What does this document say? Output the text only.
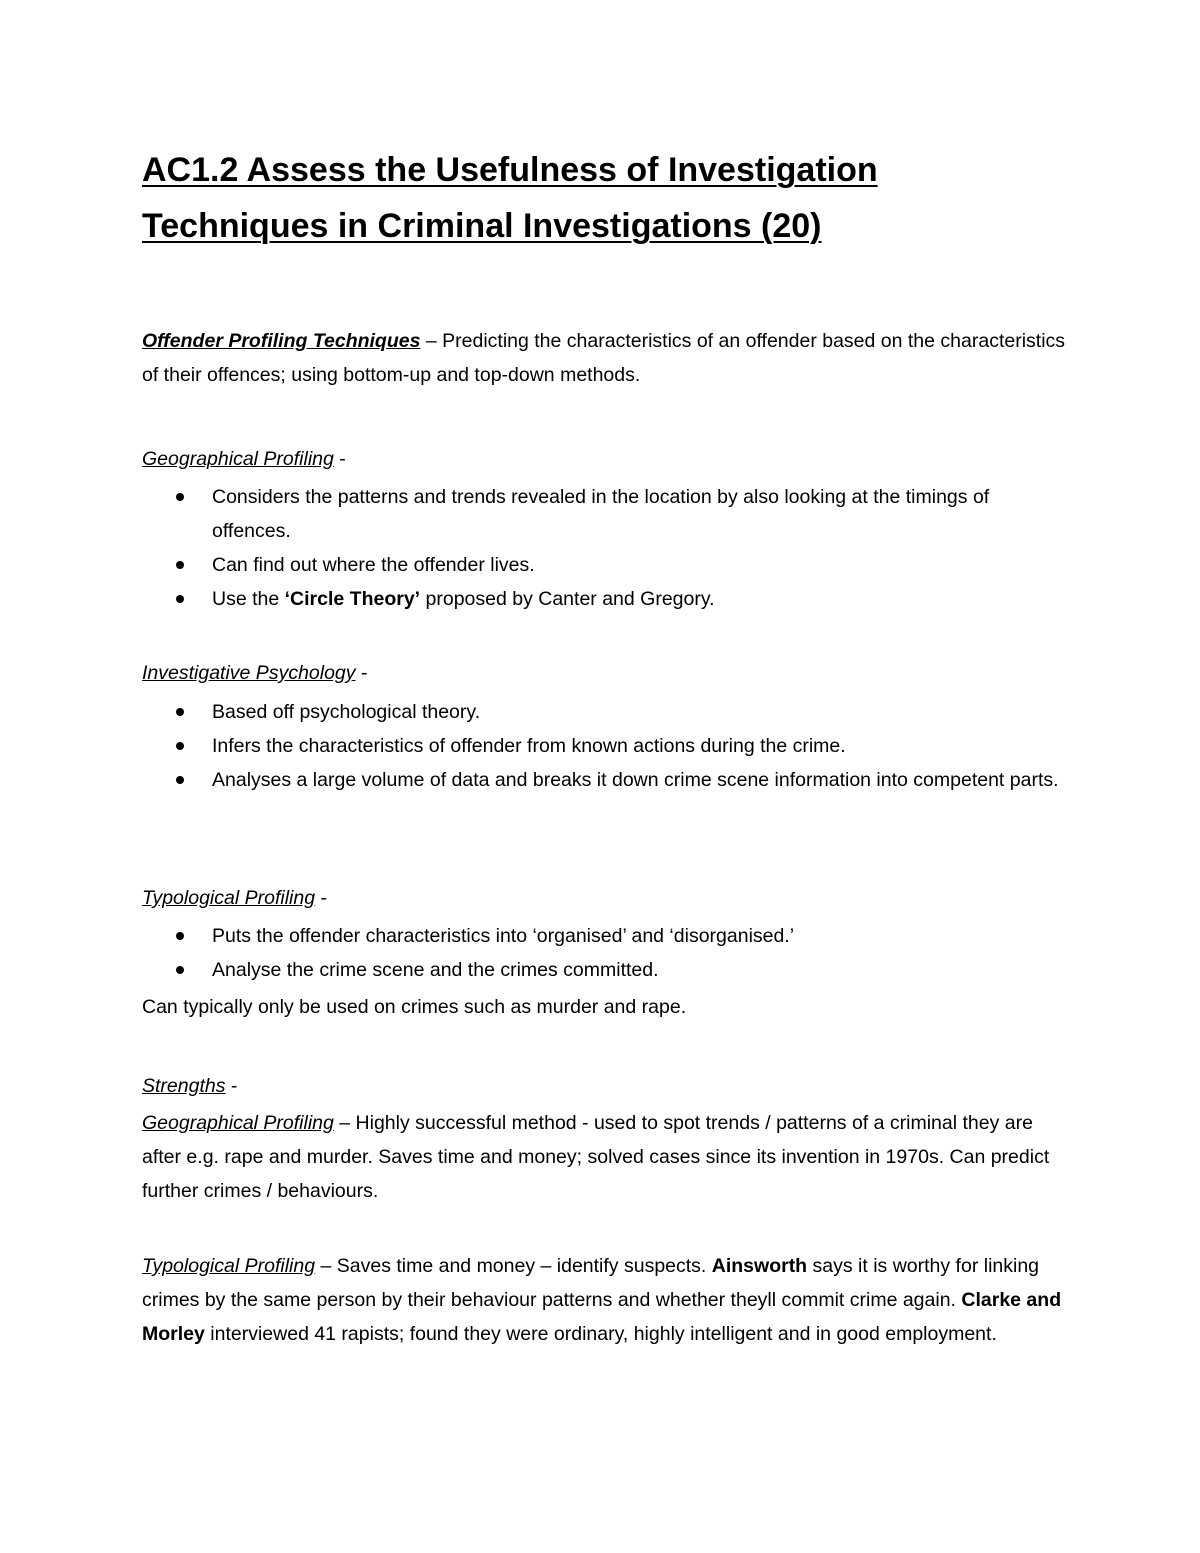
AC1.2 Assess the Usefulness of Investigation Techniques in Criminal Investigations (20)

Offender Profiling Techniques – Predicting the characteristics of an offender based on the characteristics of their offences; using bottom-up and top-down methods.

Geographical Profiling -

Considers the patterns and trends revealed in the location by also looking at the timings of offences.
Can find out where the offender lives.
Use the ‘Circle Theory’ proposed by Canter and Gregory.

Investigative Psychology -

Based off psychological theory.
Infers the characteristics of offender from known actions during the crime.
Analyses a large volume of data and breaks it down crime scene information into competent parts.

Typological Profiling -

Puts the offender characteristics into ‘organised’ and ‘disorganised.’
Analyse the crime scene and the crimes committed.

Can typically only be used on crimes such as murder and rape.

Strengths -

Geographical Profiling – Highly successful method - used to spot trends / patterns of a criminal they are after e.g. rape and murder. Saves time and money; solved cases since its invention in 1970s. Can predict further crimes / behaviours.

Typological Profiling – Saves time and money – identify suspects. Ainsworth says it is worthy for linking crimes by the same person by their behaviour patterns and whether theyll commit crime again. Clarke and Morley interviewed 41 rapists; found they were ordinary, highly intelligent and in good employment.
